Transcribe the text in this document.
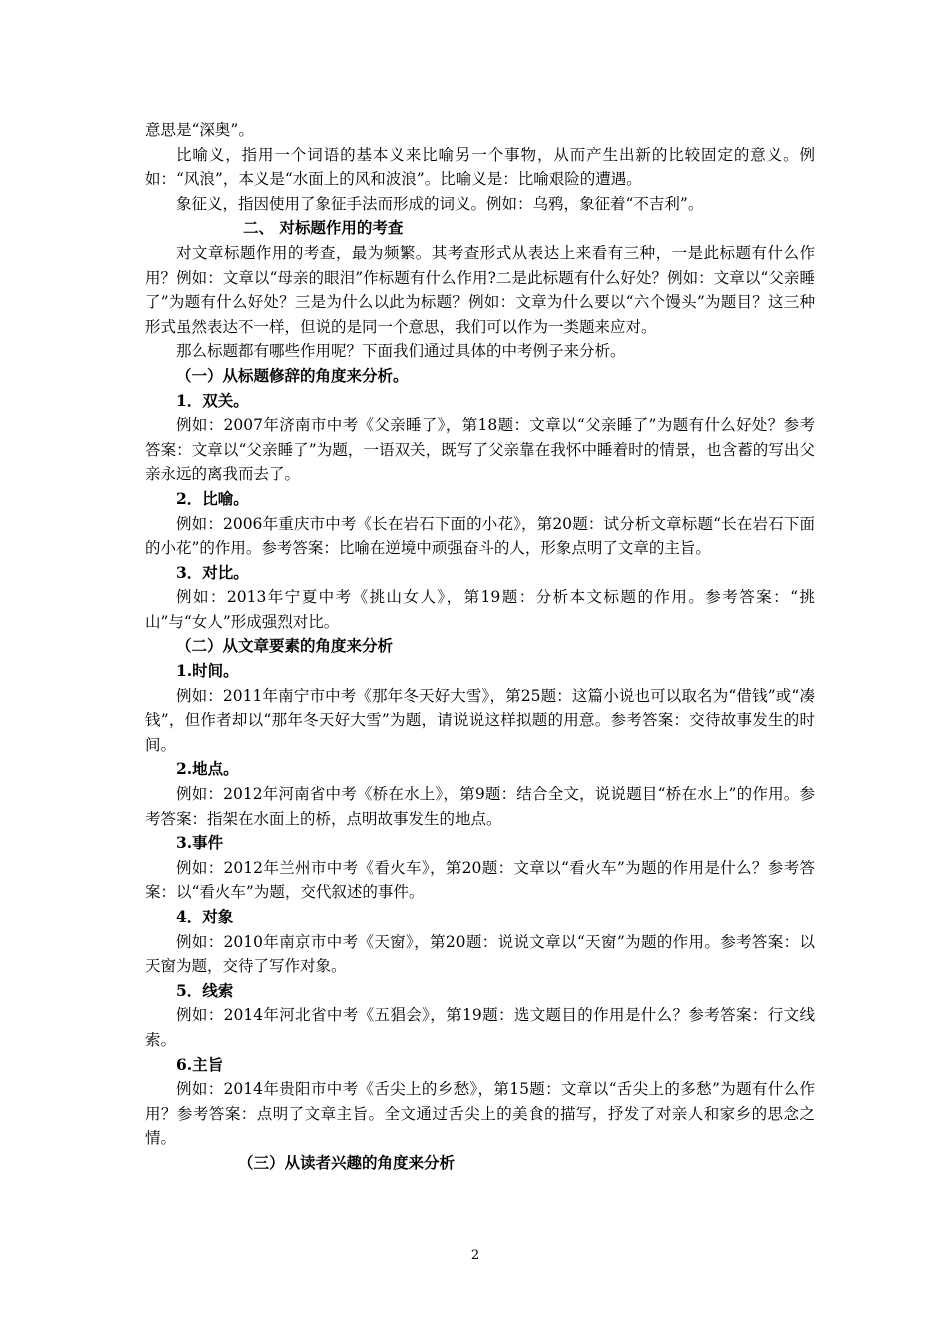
意思是“深奥”。

比喻义，指用一个词语的基本义来比喻另一个事物，从而产生出新的比较固定的意义。例如：“风浪”，本义是“水面上的风和波浪”。比喻义是：比喻艰险的遭遇。

象征义，指因使用了象征手法而形成的词义。例如：乌鸦，象征着“不吉利”。

二、 对标题作用的考查

对文章标题作用的考查，最为频繁。其考查形式从表达上来看有三种，一是此标题有什么作用？例如：文章以“母亲的眼泪”作标题有什么作用?二是此标题有什么好处？例如：文章以“父亲睡了”为题有什么好处？三是为什么以此为标题？例如：文章为什么要以“六个馒头”为题目？这三种形式虽然表达不一样，但说的是同一个意思，我们可以作为一类题来应对。

那么标题都有哪些作用呢？下面我们通过具体的中考例子来分析。

（一）从标题修辞的角度来分析。

1．双关。

例如：2007年济南市中考《父亲睡了》，第18题：文章以“父亲睡了”为题有什么好处？参考答案：文章以“父亲睡了”为题，一语双关，既写了父亲靠在我怀中睡着时的情景，也含蓄的写出父亲永远的离我而去了。

2．比喻。

例如：2006年重庆市中考《长在岩石下面的小花》，第20题：试分析文章标题“长在岩石下面的小花”的作用。参考答案：比喻在逆境中顽强奋斗的人，形象点明了文章的主旨。

3．对比。

例如：2013年宁夏中考《挑山女人》，第19题：分析本文标题的作用。参考答案：“挑山”与“女人”形成强烈对比。

（二）从文章要素的角度来分析

1.时间。

例如：2011年南宁市中考《那年冬天好大雪》，第25题：这篇小说也可以取名为“借钱”或“凑钱”，但作者却以“那年冬天好大雪”为题，请说说这样拟题的用意。参考答案：交待故事发生的时间。

2.地点。

例如：2012年河南省中考《桥在水上》，第9题：结合全文，说说题目“桥在水上”的作用。参考答案：指架在水面上的桥，点明故事发生的地点。

3.事件

例如：2012年兰州市中考《看火车》，第20题：文章以“看火车”为题的作用是什么？参考答案：以“看火车”为题，交代叙述的事件。

4．对象

例如：2010年南京市中考《天窗》，第20题：说说文章以“天窗”为题的作用。参考答案：以天窗为题，交待了写作对象。

5．线索

例如：2014年河北省中考《五猖会》，第19题：选文题目的作用是什么？参考答案：行文线索。

6.主旨

例如：2014年贵阳市中考《舌尖上的乡愁》，第15题：文章以“舌尖上的多愁”为题有什么作用？参考答案：点明了文章主旨。全文通过舌尖上的美食的描写，抒发了对亲人和家乡的思念之情。

（三）从读者兴趣的角度来分析

2
